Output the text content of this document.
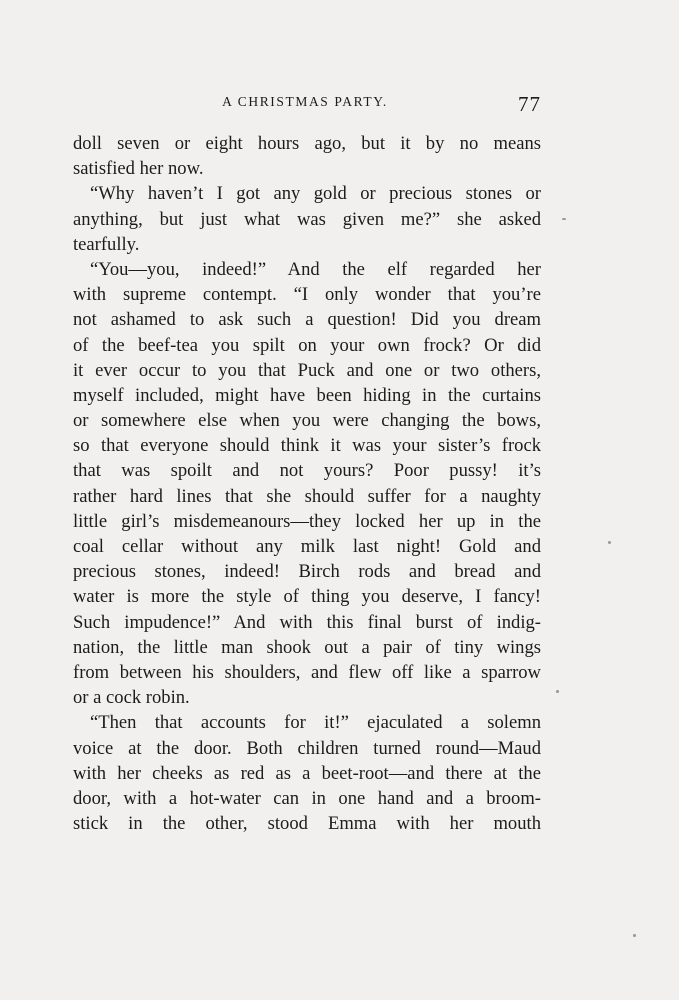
A CHRISTMAS PARTY.	77
doll seven or eight hours ago, but it by no means
satisfied her now.
“Why haven’t I got any gold or precious stones or
anything, but just what was given me?” she asked
tearfully.
“You—you, indeed!” And the elf regarded her
with supreme contempt. “I only wonder that you’re
not ashamed to ask such a question! Did you dream
of the beef-tea you spilt on your own frock? Or did
it ever occur to you that Puck and one or two others,
myself included, might have been hiding in the curtains
or somewhere else when you were changing the bows,
so that everyone should think it was your sister’s frock
that was spoilt and not yours? Poor pussy! it’s
rather hard lines that she should suffer for a naughty
little girl’s misdemeanours—they locked her up in the
coal cellar without any milk last night! Gold and
precious stones, indeed! Birch rods and bread and
water is more the style of thing you deserve, I fancy!
Such impudence!” And with this final burst of indig-
nation, the little man shook out a pair of tiny wings
from between his shoulders, and flew off like a sparrow
or a cock robin.
“Then that accounts for it!” ejaculated a solemn
voice at the door. Both children turned round—Maud
with her cheeks as red as a beet-root—and there at the
door, with a hot-water can in one hand and a broom-
stick in the other, stood Emma with her mouth
